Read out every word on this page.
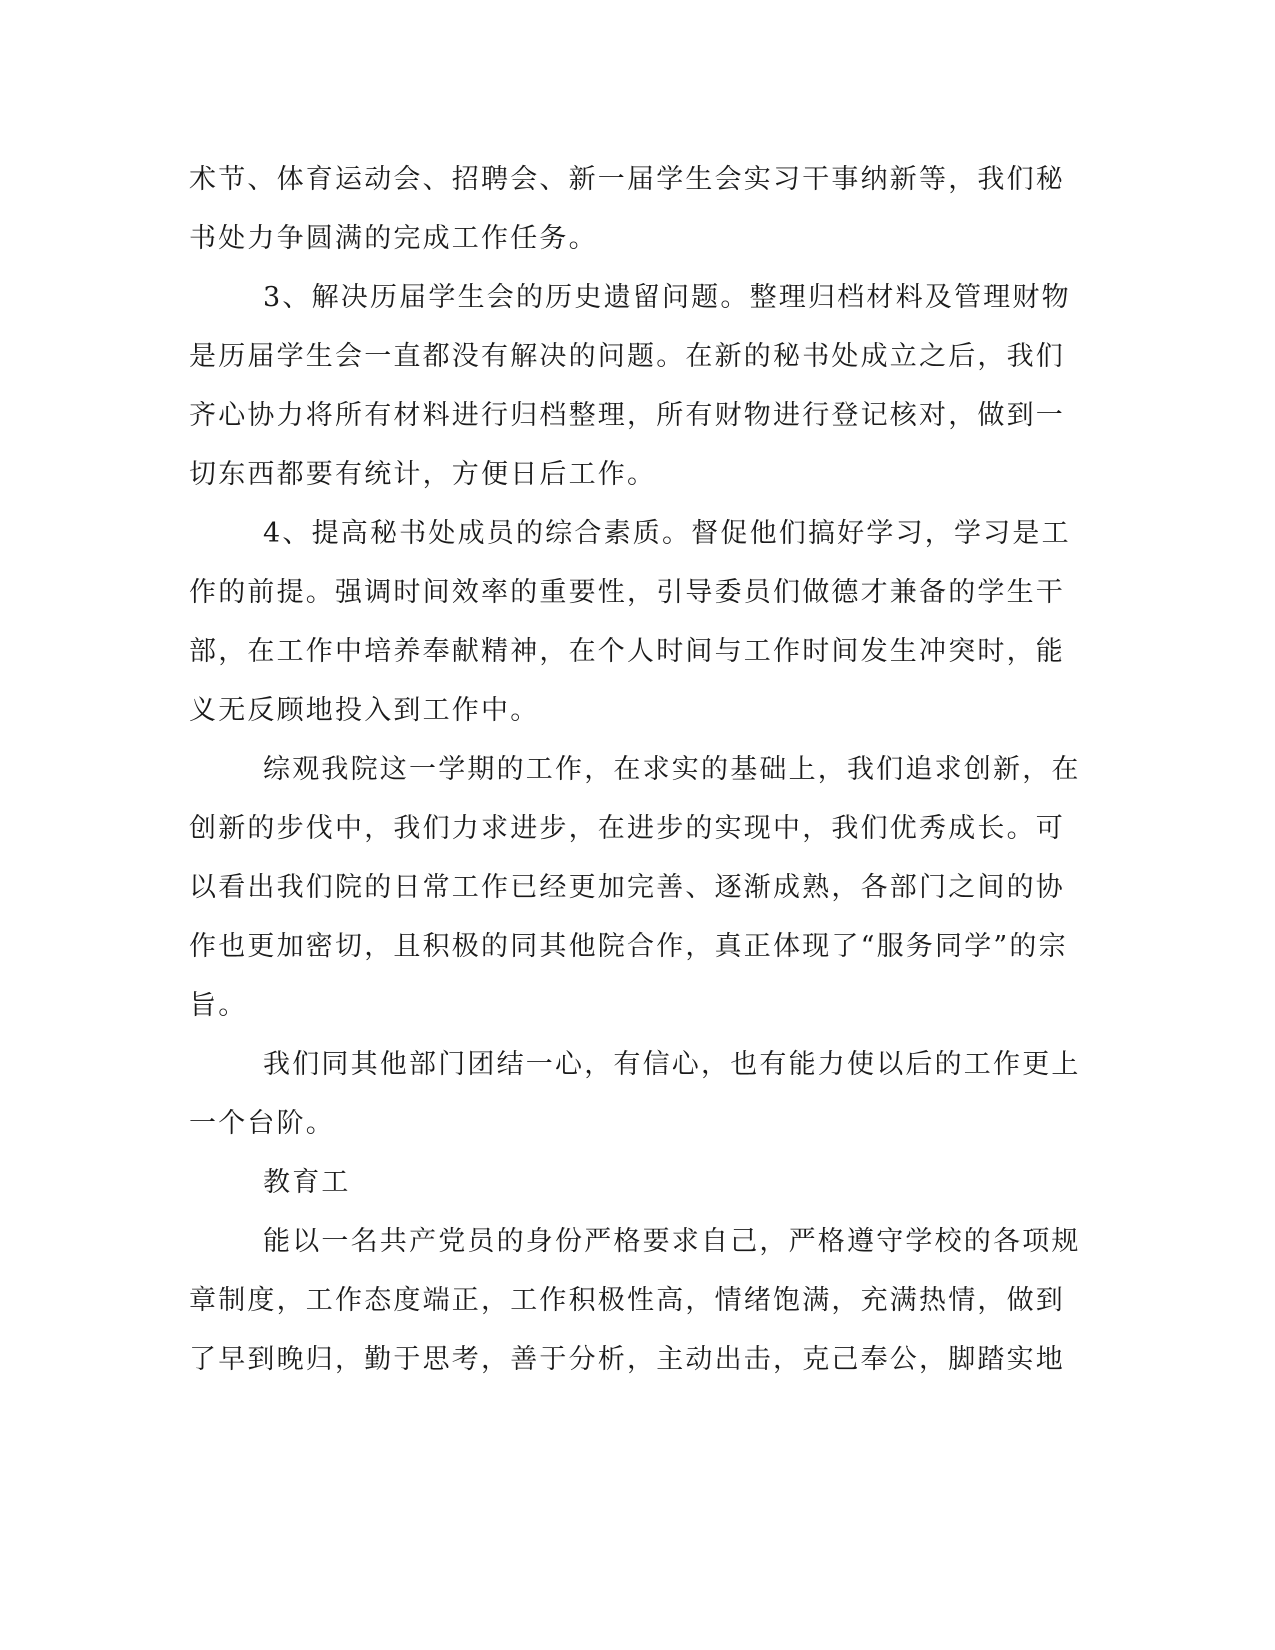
术节、体育运动会、招聘会、新一届学生会实习干事纳新等，我们秘
书处力争圆满的完成工作任务。
3、解决历届学生会的历史遗留问题。整理归档材料及管理财物
是历届学生会一直都没有解决的问题。在新的秘书处成立之后，我们
齐心协力将所有材料进行归档整理，所有财物进行登记核对，做到一
切东西都要有统计，方便日后工作。
4、提高秘书处成员的综合素质。督促他们搞好学习，学习是工
作的前提。强调时间效率的重要性，引导委员们做德才兼备的学生干
部，在工作中培养奉献精神，在个人时间与工作时间发生冲突时，能
义无反顾地投入到工作中。
综观我院这一学期的工作，在求实的基础上，我们追求创新，在
创新的步伐中，我们力求进步，在进步的实现中，我们优秀成长。可
以看出我们院的日常工作已经更加完善、逐渐成熟，各部门之间的协
作也更加密切，且积极的同其他院合作，真正体现了“服务同学”的宗
旨。
我们同其他部门团结一心，有信心，也有能力使以后的工作更上
一个台阶。
教育工
能以一名共产党员的身份严格要求自己，严格遵守学校的各项规
章制度，工作态度端正，工作积极性高，情绪饱满，充满热情，做到
了早到晚归，勤于思考，善于分析，主动出击，克己奉公，脚踏实地
